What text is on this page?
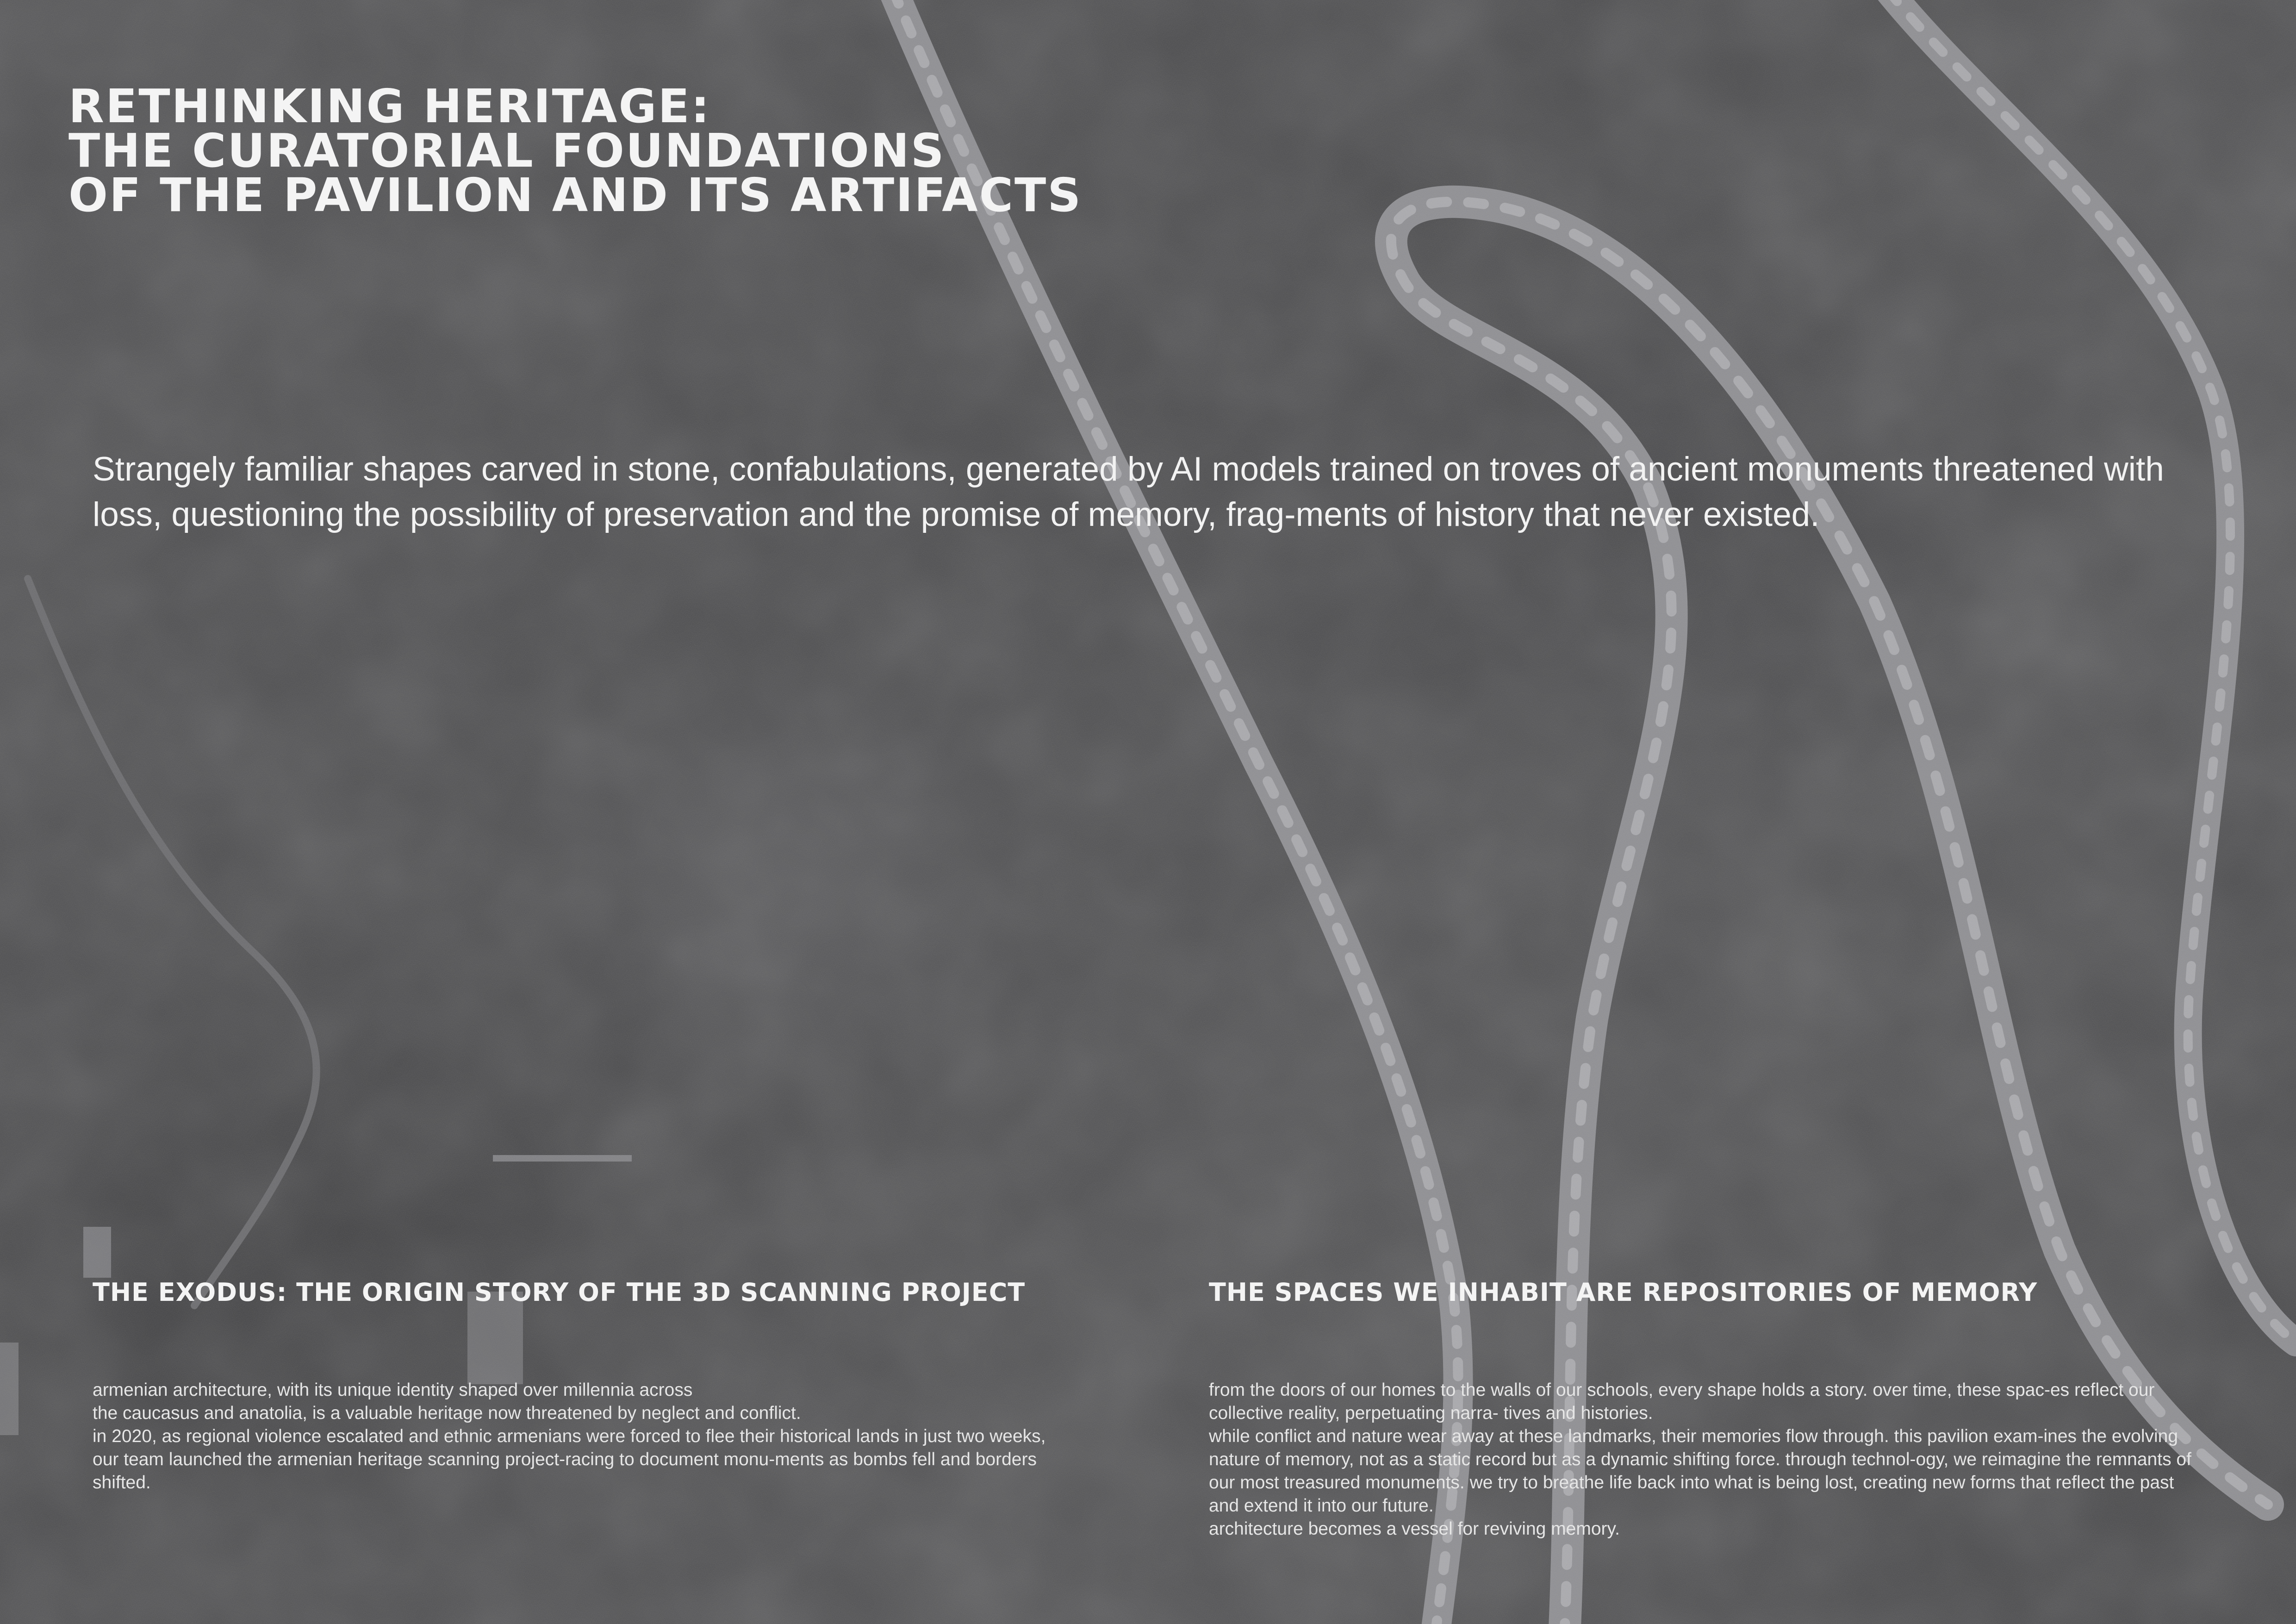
RETHINKING HERITAGE:
THE CURATORIAL FOUNDATIONS
OF THE PAVILION AND ITS ARTIFACTS
Strangely familiar shapes carved in stone, confabulations, generated by AI models trained on troves of ancient monuments threatened with loss, questioning the possibility of preservation and the promise of memory, frag-ments of history that never existed.
THE EXODUS: THE ORIGIN STORY OF THE 3D SCANNING PROJECT

armenian architecture, with its unique identity shaped over millennia across

the caucasus and anatolia, is a valuable heritage now threatened by neglect and conflict.

in 2020, as regional violence escalated and ethnic armenians were forced to flee their historical lands in just two weeks, our team launched the armenian heritage scanning project-racing to document monu-ments as bombs fell and borders shifted.

THE SPACES WE INHABIT ARE REPOSITORIES OF MEMORY

from the doors of our homes to the walls of our schools, every shape holds a story. over time, these spac-es reflect our collective reality, perpetuating narra- tives and histories.

while conflict and nature wear away at these landmarks, their memories flow through. this pavilion exam-ines the evolving nature of memory, not as a static record but as a dynamic shifting force. through technol-ogy, we reimagine the remnants of our most treasured monuments. we try to breathe life back into what is being lost, creating new forms that reflect the past and extend it into our future.

architecture becomes a vessel for reviving memory.
